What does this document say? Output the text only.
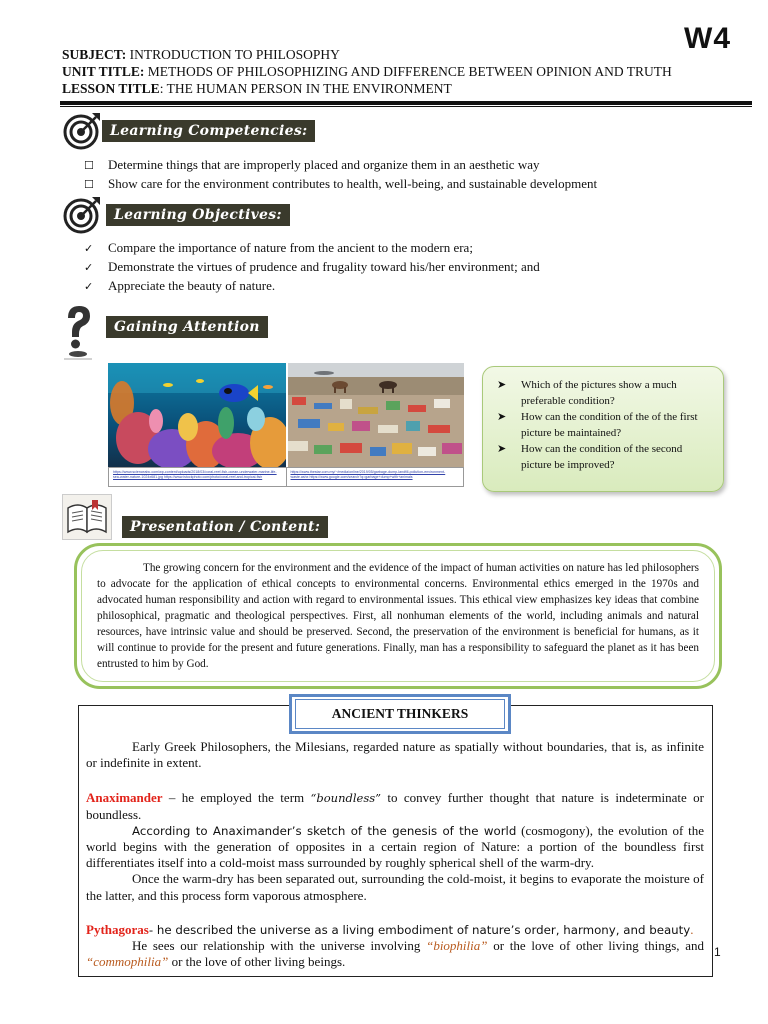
W4
SUBJECT: INTRODUCTION TO PHILOSOPHY
UNIT TITLE: METHODS OF PHILOSOPHIZING AND DIFFERENCE BETWEEN OPINION AND TRUTH
LESSON TITLE: THE HUMAN PERSON IN THE ENVIRONMENT
Learning Competencies:
☐	Determine things that are improperly placed and organize them in an aesthetic way
☐	Show care for the environment contributes to health, well-being, and sustainable development
Learning Objectives:
✓	Compare the importance of nature from the ancient to the modern era;
✓	Demonstrate the virtues of prudence and frugality toward his/her environment; and
✓	Appreciate the beauty of nature.
Gaining Attention
https://www.scienceabc.com/wp-content/uploads/2018/03/coral-reef-fish-ocean-underwater-marine-life-sea-water-nature-1024x681.jpg https://www.istockphoto.com/photo/coral-reef-and-tropical-fish
https://www.thestar.com.my/~/media/online/2019/05/garbage-dump-landfill-pollution-environment-waste.ashx https://www.google.com/search?q=garbage+dump+with+animals
➤	Which of the pictures show a much preferable condition?
➤	How can the condition of the of the first picture be maintained?
➤	How can the condition of the second picture be improved?
Presentation / Content:

The growing concern for the environment and the evidence of the impact of human activities on nature has led philosophers to advocate for the application of ethical concepts to environmental concerns. Environmental ethics emerged in the 1970s and advocated human responsibility and action with regard to environmental issues. This ethical view emphasizes key ideas that combine philosophical, pragmatic and theological perspectives. First, all nonhuman elements of the world, including animals and natural resources, have intrinsic value and should be preserved. Second, the preservation of the environment is beneficial for humans, as it will continue to provide for the present and future generations. Finally, man has a responsibility to safeguard the planet as it has been entrusted to him by God.

ANCIENT THINKERS

Early Greek Philosophers, the Milesians, regarded nature as spatially without boundaries, that is, as infinite or indefinite in extent.

Anaximander – he employed the term “boundless” to convey further thought that nature is indeterminate or boundless.

According to Anaximander’s sketch of the genesis of the world (cosmogony), the evolution of the world begins with the generation of opposites in a certain region of Nature: a portion of the boundless first differentiates itself into a cold-moist mass surrounded by roughly spherical shell of the warm-dry.

Once the warm-dry has been separated out, surrounding the cold-moist, it begins to evaporate the moisture of the latter, and this process form vaporous atmosphere.

Pythagoras- he described the universe as a living embodiment of nature’s order, harmony, and beauty.

He sees our relationship with the universe involving “biophilia” or the love of other living things, and “commophilia” or the love of other living beings.

1
